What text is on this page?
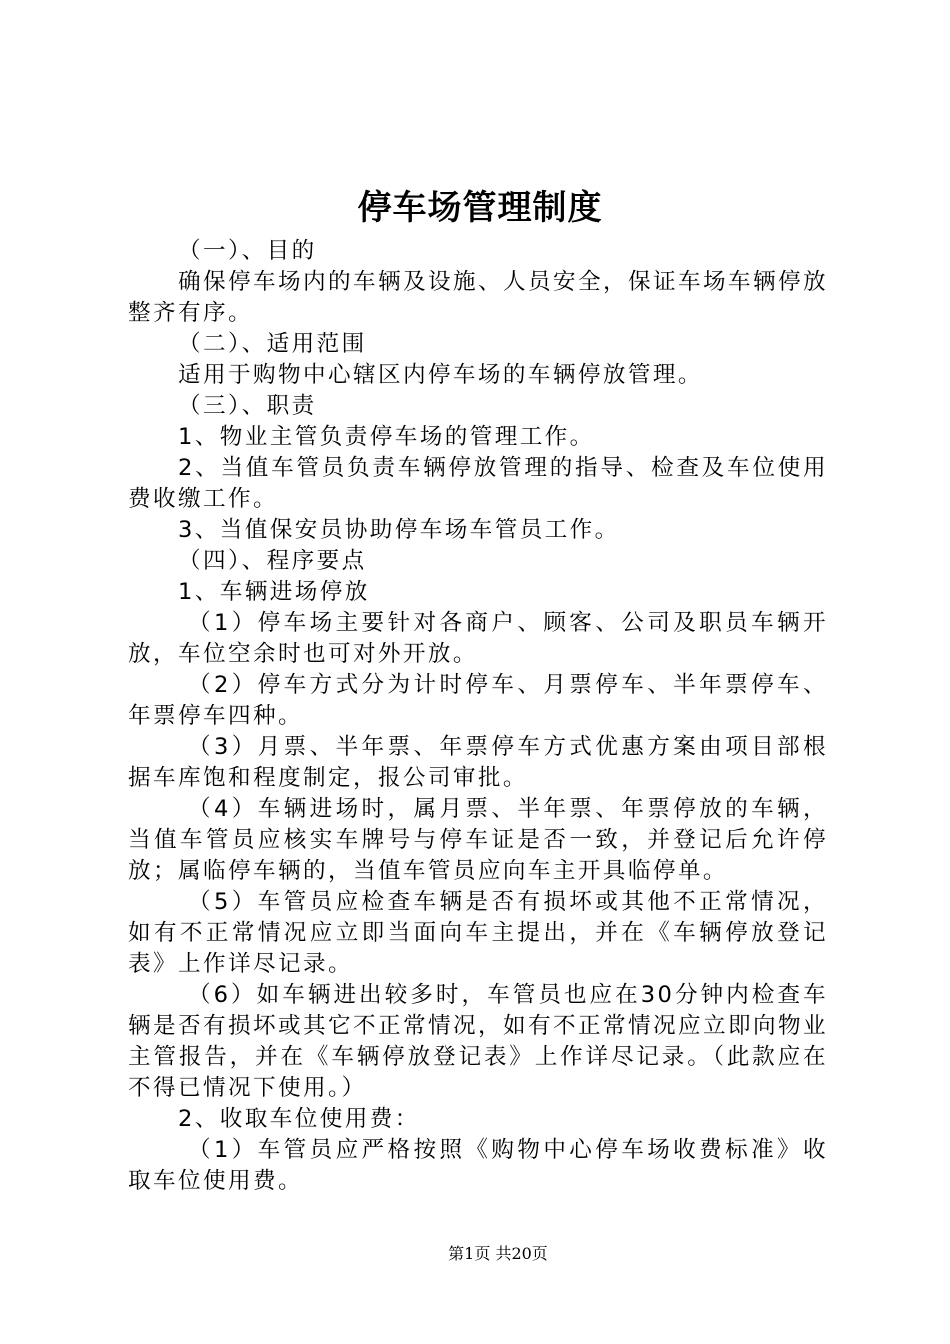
停车场管理制度

（一）、目的

确保停车场内的车辆及设施、人员安全，保证车场车辆停放整齐有序。

（二）、适用范围

适用于购物中心辖区内停车场的车辆停放管理。

（三）、职责

1、物业主管负责停车场的管理工作。

2、当值车管员负责车辆停放管理的指导、检查及车位使用费收缴工作。

3、当值保安员协助停车场车管员工作。

（四）、程序要点

1、车辆进场停放

（1）停车场主要针对各商户、顾客、公司及职员车辆开放，车位空余时也可对外开放。

（2）停车方式分为计时停车、月票停车、半年票停车、年票停车四种。

（3）月票、半年票、年票停车方式优惠方案由项目部根据车库饱和程度制定，报公司审批。

（4）车辆进场时，属月票、半年票、年票停放的车辆，当值车管员应核实车牌号与停车证是否一致，并登记后允许停放；属临停车辆的，当值车管员应向车主开具临停单。

（5）车管员应检查车辆是否有损坏或其他不正常情况，如有不正常情况应立即当面向车主提出，并在《车辆停放登记表》上作详尽记录。

（6）如车辆进出较多时，车管员也应在30分钟内检查车辆是否有损坏或其它不正常情况，如有不正常情况应立即向物业主管报告，并在《车辆停放登记表》上作详尽记录。（此款应在不得已情况下使用。）

2、收取车位使用费：

（1）车管员应严格按照《购物中心停车场收费标准》收取车位使用费。

第1页 共20页
